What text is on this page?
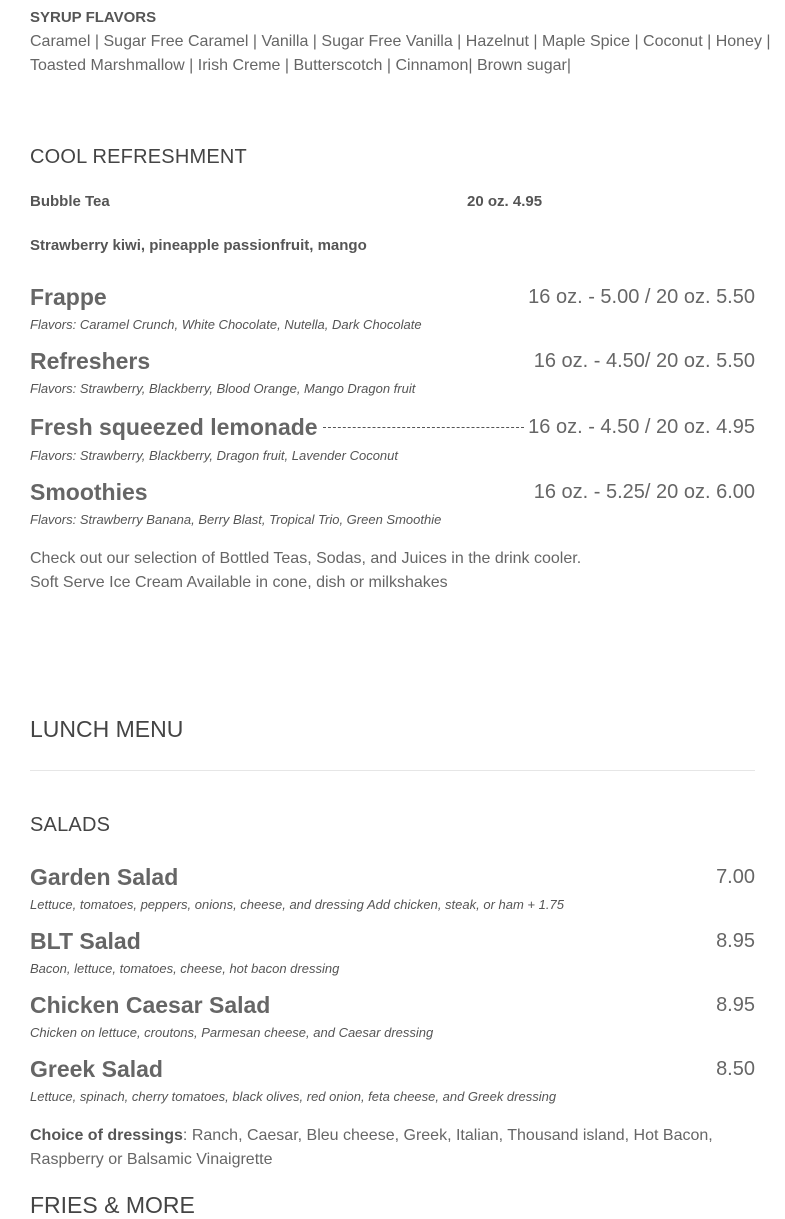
SYRUP FLAVORS
Caramel | Sugar Free Caramel | Vanilla | Sugar Free Vanilla | Hazelnut | Maple Spice | Coconut | Honey |
Toasted Marshmallow | Irish Creme | Butterscotch | Cinnamon| Brown sugar|
COOL REFRESHMENT
Bubble Tea	20 oz. 4.95
Strawberry kiwi, pineapple passionfruit, mango
Frappe	16 oz. - 5.00 / 20 oz. 5.50
Flavors: Caramel Crunch, White Chocolate, Nutella, Dark Chocolate
Refreshers	16 oz. - 4.50/ 20 oz. 5.50
Flavors: Strawberry, Blackberry, Blood Orange, Mango Dragon fruit
Fresh squeezed lemonade	16 oz. - 4.50 / 20 oz. 4.95
Flavors: Strawberry, Blackberry, Dragon fruit, Lavender Coconut
Smoothies	16 oz. - 5.25/ 20 oz. 6.00
Flavors: Strawberry Banana, Berry Blast, Tropical Trio, Green Smoothie
Check out our selection of Bottled Teas, Sodas, and Juices in the drink cooler.
Soft Serve Ice Cream Available in cone, dish or milkshakes
LUNCH MENU
SALADS
Garden Salad	7.00
Lettuce, tomatoes, peppers, onions, cheese, and dressing Add chicken, steak, or ham + 1.75
BLT Salad	8.95
Bacon, lettuce, tomatoes, cheese, hot bacon dressing
Chicken Caesar Salad	8.95
Chicken on lettuce, croutons, Parmesan cheese, and Caesar dressing
Greek Salad	8.50
Lettuce, spinach, cherry tomatoes, black olives, red onion, feta cheese, and Greek dressing
Choice of dressings: Ranch, Caesar, Bleu cheese, Greek, Italian, Thousand island, Hot Bacon,
Raspberry or Balsamic Vinaigrette
FRIES & MORE
